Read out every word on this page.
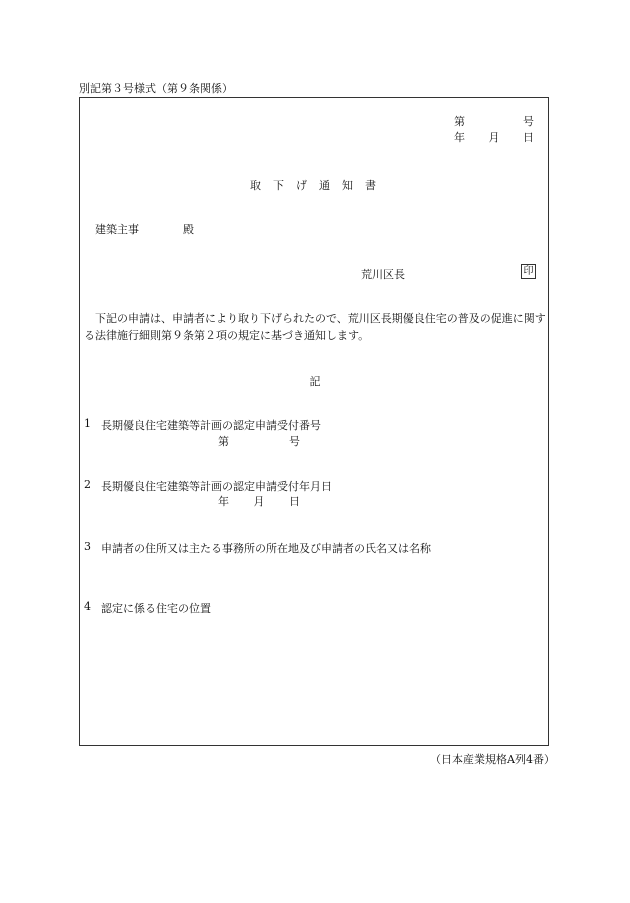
別記第３号様式（第９条関係）
第	号
年 月 日
取下げ通知書
建築主事	殿
荒川区長	印
下記の申請は、申請者により取り下げられたので、荒川区長期優良住宅の普及の促進に関する法律施行細則第９条第２項の規定に基づき通知します。
記
1 長期優良住宅建築等計画の認定申請受付番号
第	号
2 長期優良住宅建築等計画の認定申請受付年月日
年 月 日
3 申請者の住所又は主たる事務所の所在地及び申請者の氏名又は名称
4 認定に係る住宅の位置
（日本産業規格A列4番）
